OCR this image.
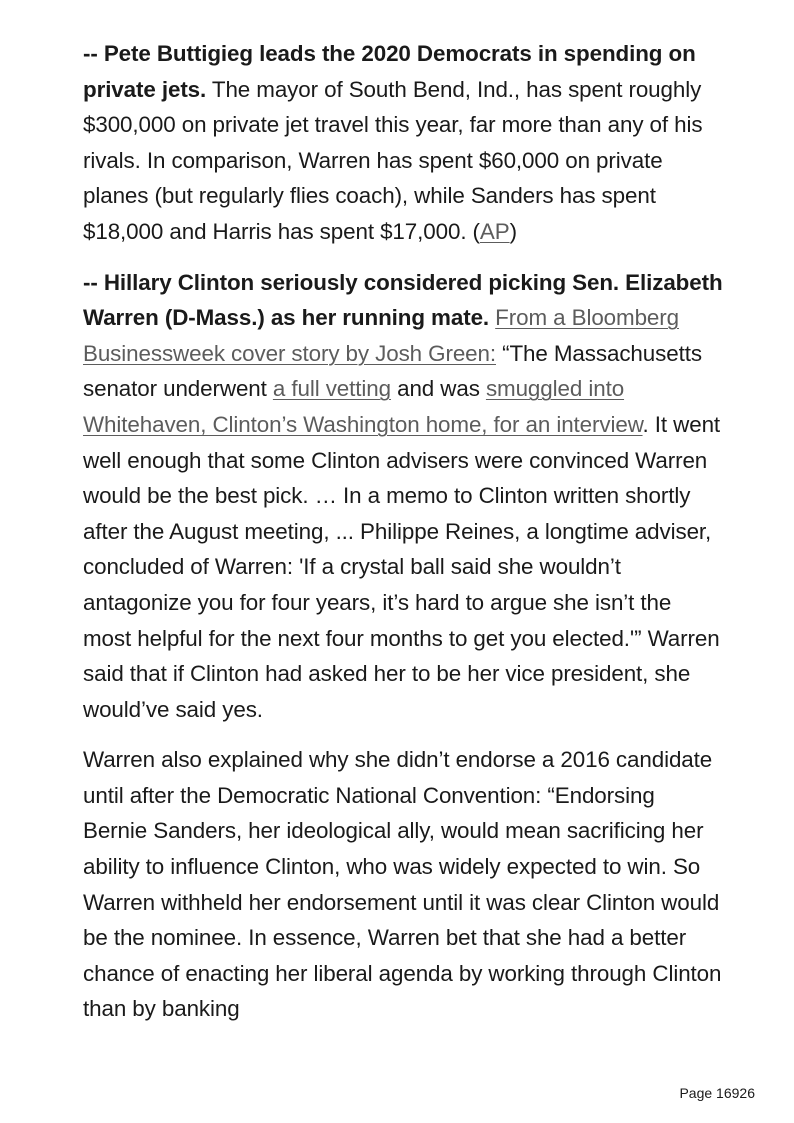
-- Pete Buttigieg leads the 2020 Democrats in spending on private jets. The mayor of South Bend, Ind., has spent roughly $300,000 on private jet travel this year, far more than any of his rivals. In comparison, Warren has spent $60,000 on private planes (but regularly flies coach), while Sanders has spent $18,000 and Harris has spent $17,000. (AP)

-- Hillary Clinton seriously considered picking Sen. Elizabeth Warren (D-Mass.) as her running mate. From a Bloomberg Businessweek cover story by Josh Green: “The Massachusetts senator underwent a full vetting and was smuggled into Whitehaven, Clinton’s Washington home, for an interview. It went well enough that some Clinton advisers were convinced Warren would be the best pick. … In a memo to Clinton written shortly after the August meeting, ... Philippe Reines, a longtime adviser, concluded of Warren: 'If a crystal ball said she wouldn’t antagonize you for four years, it’s hard to argue she isn’t the most helpful for the next four months to get you elected.'” Warren said that if Clinton had asked her to be her vice president, she would’ve said yes.

Warren also explained why she didn’t endorse a 2016 candidate until after the Democratic National Convention: “Endorsing Bernie Sanders, her ideological ally, would mean sacrificing her ability to influence Clinton, who was widely expected to win. So Warren withheld her endorsement until it was clear Clinton would be the nominee. In essence, Warren bet that she had a better chance of enacting her liberal agenda by working through Clinton than by banking

Page 16926
